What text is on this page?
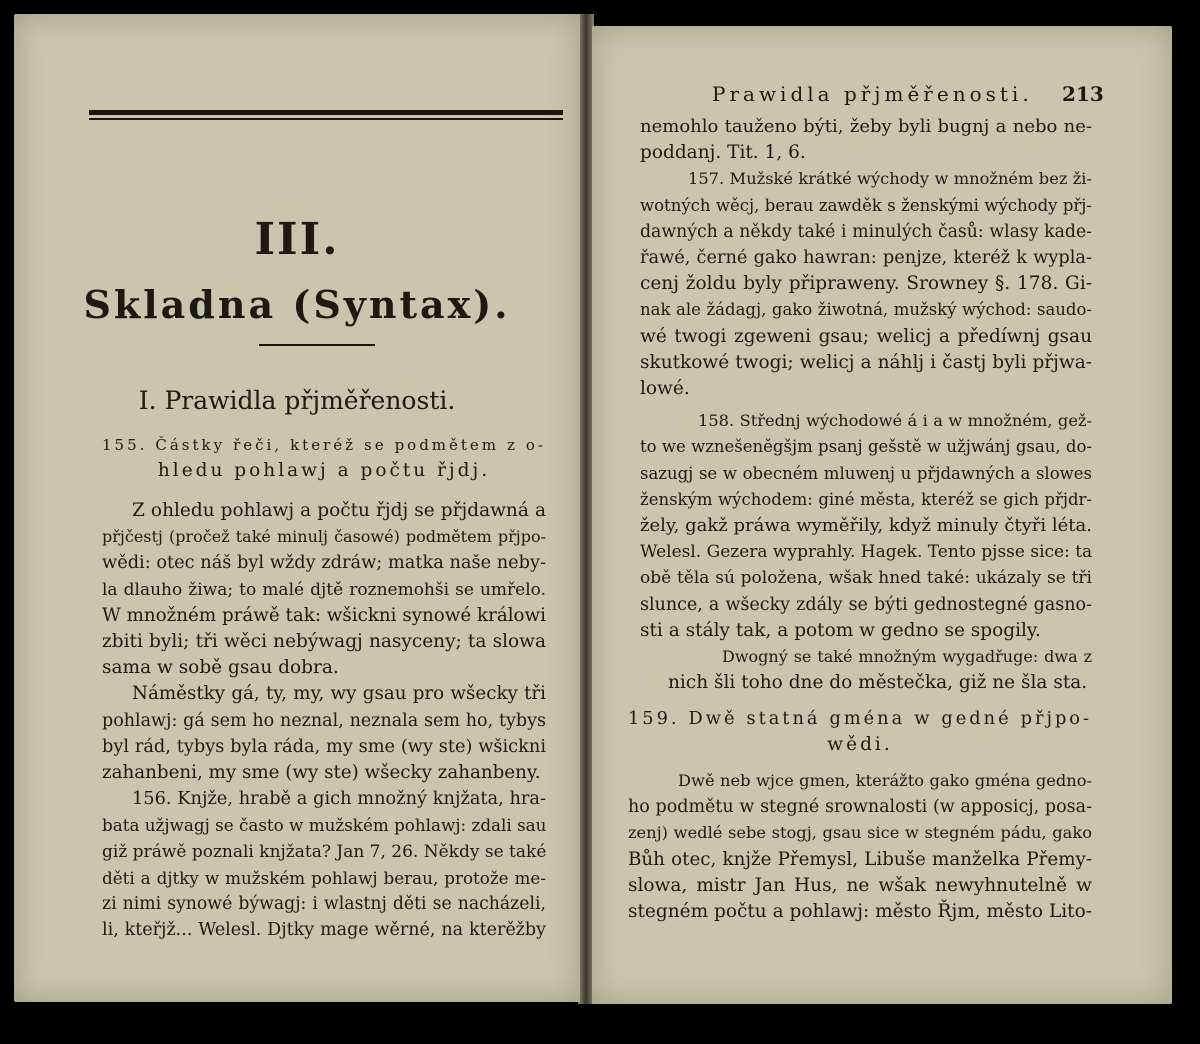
III.
Skladna (Syntax).
I. Prawidla přjměřenosti.
155. Částky řeči, kteréž se podmětem z o-
hledu pohlawj a počtu řjdj.
Z ohledu pohlawj a počtu řjdj se přjdawná a
přjčestj (pročež také minulj časowé) podmětem přjpo-
wědi: otec náš byl wždy zdráw; matka naše neby-
la dlauho žiwa; to malé djtě roznemohši se umřelo.
W množném práwě tak: wšickni synowé králowi
zbiti byli; tři wěci nebýwagj nasyceny; ta slowa
sama w sobě gsau dobra.
Náměstky gá, ty, my, wy gsau pro wšecky tři
pohlawj: gá sem ho neznal, neznala sem ho, tybys
byl rád, tybys byla ráda, my sme (wy ste) wšickni
zahanbeni, my sme (wy ste) wšecky zahanbeny.
156. Knjže, hrabě a gich množný knjžata, hra-
bata užjwagj se často w mužském pohlawj: zdali sau
giž práwě poznali knjžata? Jan 7, 26. Někdy se také
děti a djtky w mužském pohlawj berau, protože me-
zi nimi synowé býwagj: i wlastnj děti se nacházeli,
li, kteřjž... Welesl. Djtky mage wěrné, na kterěžby
Prawidla přjměřenosti. 213
nemohlo tauženo býti, žeby byli bugnj a nebo ne-
poddanj. Tit. 1, 6.
157. Mužské krátké wýchody w množném bez ži-
wotných wěcj, berau zawděk s ženskými wýchody přj-
dawných a někdy také i minulých časů: wlasy kade-
řawé, černé gako hawran: penjze, kteréž k wypla-
cenj žoldu byly připraweny. Srowney §. 178. Gi-
nak ale žádagj, gako žiwotná, mužský wýchod: saudo-
wé twogi zgeweni gsau; welicj a předíwnj gsau
skutkowé twogi; welicj a náhlj i častj byli přjwa-
lowé.
158. Střednj wýchodowé á i a w množném, gež-
to we wznešeněgšjm psanj gešstě w užjwánj gsau, do-
sazugj se w obecném mluwenj u přjdawných a slowes
ženským wýchodem: giné města, kteréž se gich přjdr-
žely, gakž práwa wyměřily, když minuly čtyři léta.
Welesl. Gezera wyprahly. Hagek. Tento pjsse sice: ta
obě těla sú položena, wšak hned také: ukázaly se tři
slunce, a wšecky zdály se býti gednostegné gasno-
sti a stály tak, a potom w gedno se spogily.
Dwogný se také množným wygadřuge: dwa z
nich šli toho dne do městečka, giž ne šla sta.
159. Dwě statná gména w gedné přjpo-
wědi.
Dwě neb wjce gmen, kterážto gako gména gedno-
ho podmětu w stegné srownalosti (w apposicj, posa-
zenj) wedlé sebe stogj, gsau sice w stegném pádu, gako
Bůh otec, knjže Přemysl, Libuše manželka Přemy-
slowa, mistr Jan Hus, ne wšak newyhnutelně w
stegném počtu a pohlawj: město Řjm, město Lito-
